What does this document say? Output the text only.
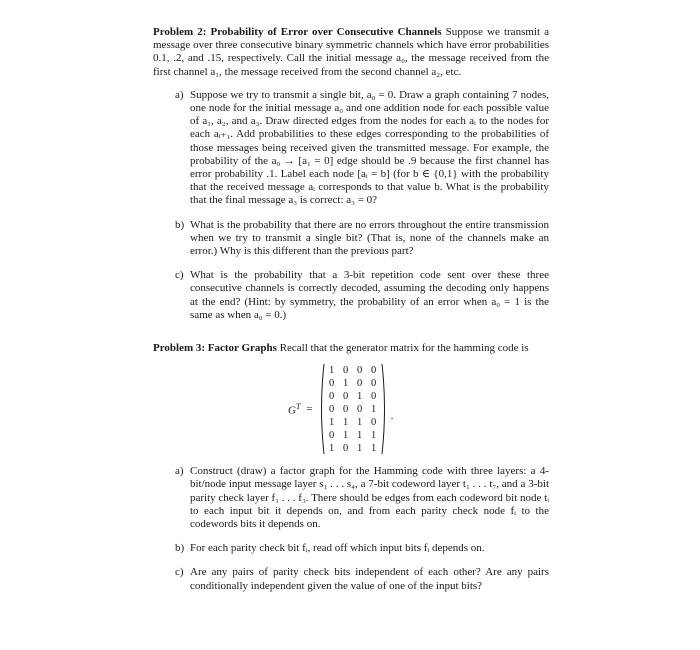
Problem 2: Probability of Error over Consecutive Channels Suppose we transmit a message over three consecutive binary symmetric channels which have error probabilities 0.1, .2, and .15, respectively. Call the initial message a₀, the message received from the first channel a₁, the message received from the second channel a₂, etc.

a) Suppose we try to transmit a single bit, a₀ = 0. Draw a graph containing 7 nodes, one node for the initial message a₀ and one addition node for each possible value of a₁, a₂, and a₃. Draw directed edges from the nodes for each aᵢ to the nodes for each aᵢ₊₁. Add probabilities to these edges corresponding to the probabilities of those messages being received given the transmitted message. For example, the probability of the a₀ → [a₁ = 0] edge should be .9 because the first channel has error probability .1. Label each node [aᵢ = b] (for b ∈ {0,1} with the probability that the received message aᵢ corresponds to that value b. What is the probability that the final message a₃ is correct: a₃ = 0?
b) What is the probability that there are no errors throughout the entire transmission when we try to transmit a single bit? (That is, none of the channels make an error.) Why is this different than the previous part?
c) What is the probability that a 3-bit repetition code sent over these three consecutive channels is correctly decoded, assuming the decoding only happens at the end? (Hint: by symmetry, the probability of an error when a₀ = 1 is the same as when a₀ = 0.)

Problem 3: Factor Graphs Recall that the generator matrix for the hamming code is

$G^T$ =
1 0 0 0
0 1 0 0
0 0 1 0
0 0 0 1
1 1 1 0
0 1 1 1
1 0 1 1
.
a) Construct (draw) a factor graph for the Hamming code with three layers: a 4-bit/node input message layer s₁ . . . s₄, a 7-bit codeword layer t₁ . . . t₇, and a 3-bit parity check layer f₁ . . . f₃. There should be edges from each codeword bit node tᵢ to each input bit it depends on, and from each parity check node fᵢ to the codewords bits it depends on.
b) For each parity check bit fᵢ, read off which input bits fᵢ depends on.
c) Are any pairs of parity check bits independent of each other? Are any pairs conditionally independent given the value of one of the input bits?
